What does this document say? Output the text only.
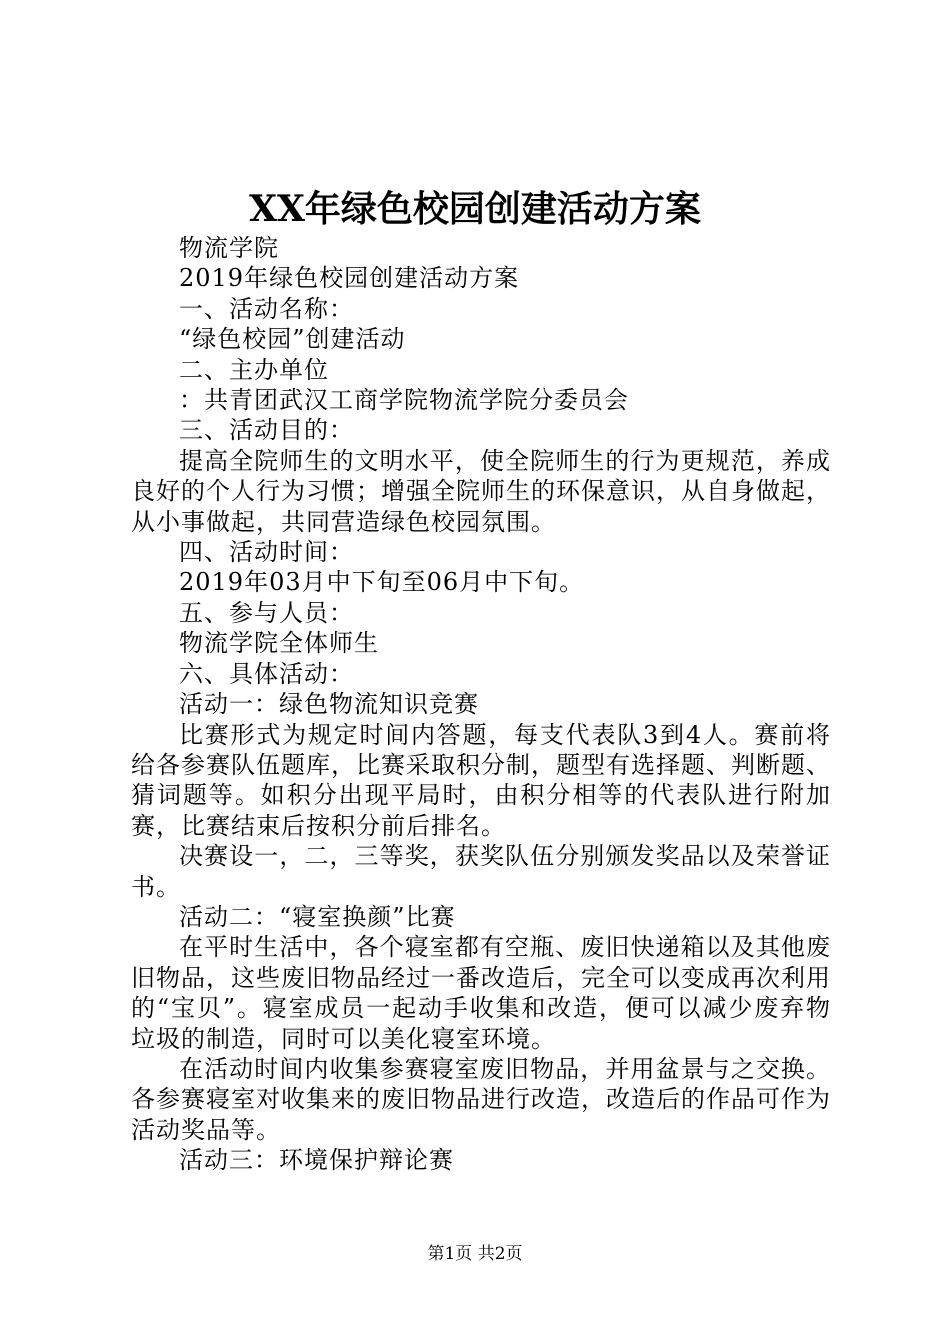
XX年绿色校园创建活动方案

物流学院

2019年绿色校园创建活动方案

一、活动名称：

“绿色校园”创建活动

二、主办单位

：共青团武汉工商学院物流学院分委员会

三、活动目的：

提高全院师生的文明水平，使全院师生的行为更规范，养成良好的个人行为习惯；增强全院师生的环保意识，从自身做起，从小事做起，共同营造绿色校园氛围。

四、活动时间：

2019年03月中下旬至06月中下旬。

五、参与人员：

物流学院全体师生

六、具体活动：

活动一：绿色物流知识竞赛

比赛形式为规定时间内答题，每支代表队3到4人。赛前将给各参赛队伍题库，比赛采取积分制，题型有选择题、判断题、猜词题等。如积分出现平局时，由积分相等的代表队进行附加赛，比赛结束后按积分前后排名。

决赛设一，二，三等奖，获奖队伍分别颁发奖品以及荣誉证书。

活动二：“寝室换颜”比赛

在平时生活中，各个寝室都有空瓶、废旧快递箱以及其他废旧物品，这些废旧物品经过一番改造后，完全可以变成再次利用的“宝贝”。寝室成员一起动手收集和改造，便可以减少废弃物垃圾的制造，同时可以美化寝室环境。

在活动时间内收集参赛寝室废旧物品，并用盆景与之交换。各参赛寝室对收集来的废旧物品进行改造，改造后的作品可作为活动奖品等。

活动三：环境保护辩论赛

第1页 共2页
